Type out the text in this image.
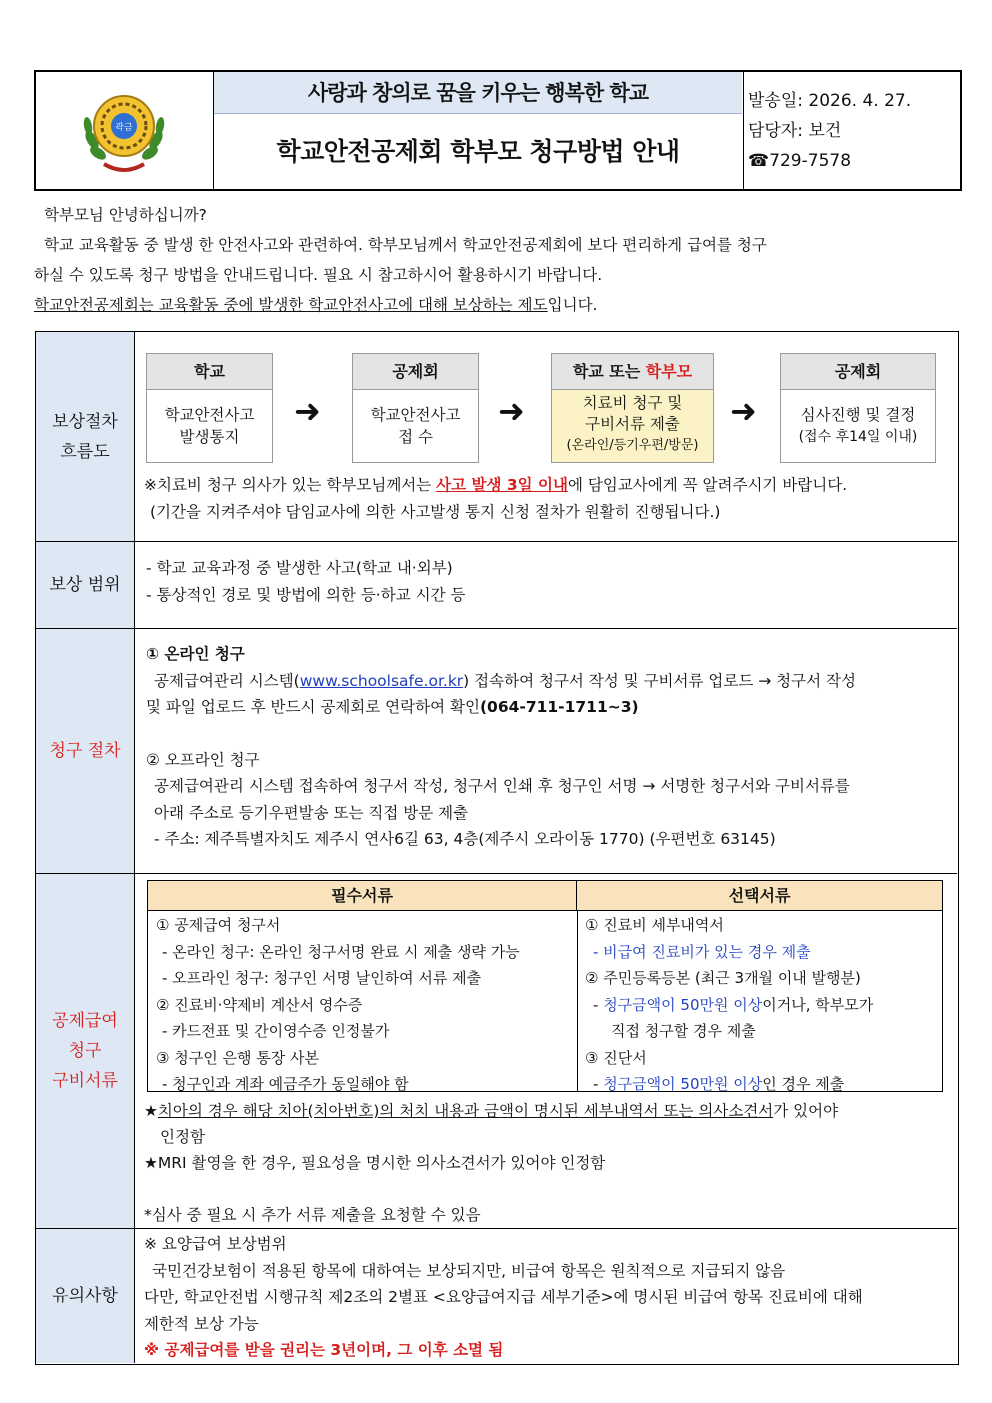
곽금
사랑과 창의로 꿈을 키우는 행복한 학교
학교안전공제회 학부모 청구방법 안내
발송일: 2026. 4. 27.
담당자: 보건
☎729-7578
학부모님 안녕하십니까?
학교 교육활동 중 발생 한 안전사고와 관련하여. 학부모님께서 학교안전공제회에 보다 편리하게 급여를 청구
하실 수 있도록 청구 방법을 안내드립니다. 필요 시 참고하시어 활용하시기 바랍니다.
학교안전공제회는 교육활동 중에 발생한 학교안전사고에 대해 보상하는 제도입니다.
보상절차
흐름도
학교
학교안전사고
발생통지
➜
공제회
학교안전사고
접 수
➜
학교 또는 학부모
치료비 청구 및
구비서류 제출
(온라인/등기우편/방문)
➜
공제회
심사진행 및 결정
(접수 후14일 이내)
※치료비 청구 의사가 있는 학부모님께서는 사고 발생 3일 이내에 담임교사에게 꼭 알려주시기 바랍니다.
(기간을 지켜주셔야 담임교사에 의한 사고발생 통지 신청 절차가 원활히 진행됩니다.)
보상 범위
- 학교 교육과정 중 발생한 사고(학교 내·외부)
- 통상적인 경로 및 방법에 의한 등·하교 시간 등
청구 절차
① 온라인 청구
공제급여관리 시스템(www.schoolsafe.or.kr) 접속하여 청구서 작성 및 구비서류 업로드 → 청구서 작성
및 파일 업로드 후 반드시 공제회로 연락하여 확인(064-711-1711~3)
② 오프라인 청구
공제급여관리 시스템 접속하여 청구서 작성, 청구서 인쇄 후 청구인 서명 → 서명한 청구서와 구비서류를
아래 주소로 등기우편발송 또는 직접 방문 제출
- 주소: 제주특별자치도 제주시 연사6길 63, 4층(제주시 오라이동 1770) (우편번호 63145)
공제급여
청구
구비서류
필수서류	선택서류
① 공제급여 청구서
- 온라인 청구: 온라인 청구서명 완료 시 제출 생략 가능
- 오프라인 청구: 청구인 서명 날인하여 서류 제출
② 진료비·약제비 계산서 영수증
- 카드전표 및 간이영수증 인정불가
③ 청구인 은행 통장 사본
- 청구인과 계좌 예금주가 동일해야 함
① 진료비 세부내역서
- 비급여 진료비가 있는 경우 제출
② 주민등록등본 (최근 3개월 이내 발행분)
- 청구금액이 50만원 이상이거나, 학부모가
직접 청구할 경우 제출
③ 진단서
- 청구금액이 50만원 이상인 경우 제출
★치아의 경우 해당 치아(치아번호)의 처치 내용과 금액이 명시된 세부내역서 또는 의사소견서가 있어야
인정함
★MRI 촬영을 한 경우, 필요성을 명시한 의사소견서가 있어야 인정함
*심사 중 필요 시 추가 서류 제출을 요청할 수 있음
유의사항
※ 요양급여 보상범위
국민건강보험이 적용된 항목에 대하여는 보상되지만, 비급여 항목은 원칙적으로 지급되지 않음
다만, 학교안전법 시행규칙 제2조의 2별표 <요양급여지급 세부기준>에 명시된 비급여 항목 진료비에 대해
제한적 보상 가능
※ 공제급여를 받을 권리는 3년이며, 그 이후 소멸 됨
